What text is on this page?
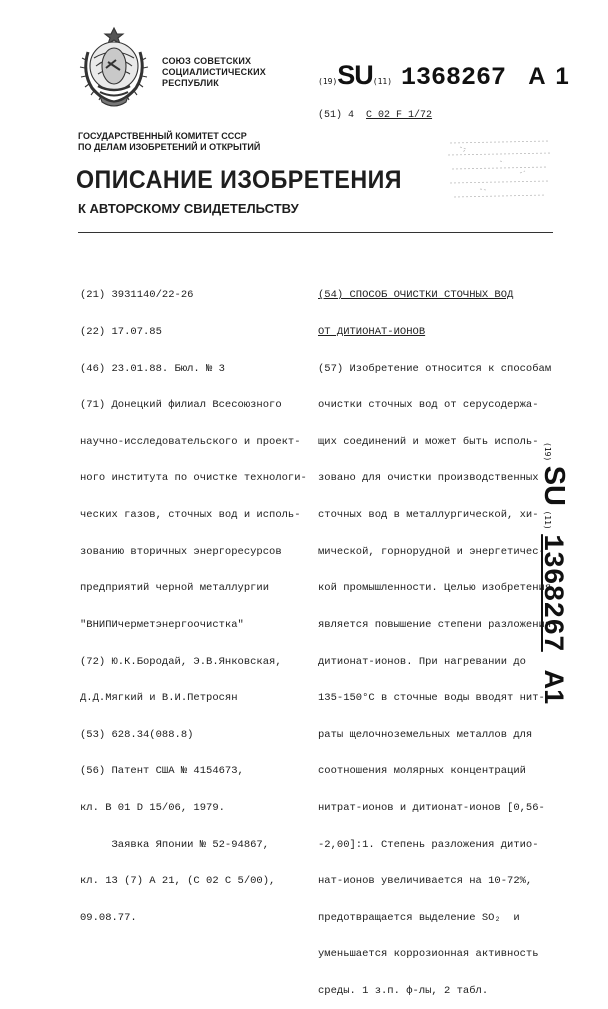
СОЮЗ СОВЕТСКИХ
СОЦИАЛИСТИЧЕСКИХ
РЕСПУБЛИК	(19)SU(11) 1368267 A 1
(51) 4 C 02 F 1/72
ГОСУДАРСТВЕННЫЙ КОМИТЕТ СССР
ПО ДЕЛАМ ИЗОБРЕТЕНИЙ И ОТКРЫТИЙ
ОПИСАНИЕ ИЗОБРЕТЕНИЯ
К АВТОРСКОМУ СВИДЕТЕЛЬСТВУ

(21) 3931140/22-26

(22) 17.07.85

(46) 23.01.88. Бюл. № 3

(71) Донецкий филиал Всесоюзного

научно-исследовательского и проект-

ного института по очистке технологи-

ческих газов, сточных вод и исполь-

зованию вторичных энергоресурсов

предприятий черной металлургии

"ВНИПИчерметэнергоочистка"

(72) Ю.К.Бородай, Э.В.Янковская,

Д.Д.Мягкий и В.И.Петросян

(53) 628.34(088.8)

(56) Патент США № 4154673,

кл. В 01 D 15/06, 1979.

Заявка Японии № 52-94867,

кл. 13 (7) А 21, (С 02 С 5/00),

09.08.77.

(54) СПОСОБ ОЧИСТКИ СТОЧНЫХ ВОД

ОТ ДИТИОНАТ-ИОНОВ

(57) Изобретение относится к способам

очистки сточных вод от серусодержа-

щих соединений и может быть исполь-

зовано для очистки производственных

сточных вод в металлургической, хи-

мической, горнорудной и энергетичес-

кой промышленности. Целью изобретения

является повышение степени разложения

дитионат-ионов. При нагревании до

135-150°С в сточные воды вводят нит-

раты щелочноземельных металлов для

соотношения молярных концентраций

нитрат-ионов и дитионат-ионов [0,56-

-2,00]:1. Степень разложения дитио-

нат-ионов увеличивается на 10-72%,

предотвращается выделение SO₂  и

уменьшается коррозионная активность

среды. 1 з.п. ф-лы, 2 табл.

(19) SU (11) 1368267    A1
